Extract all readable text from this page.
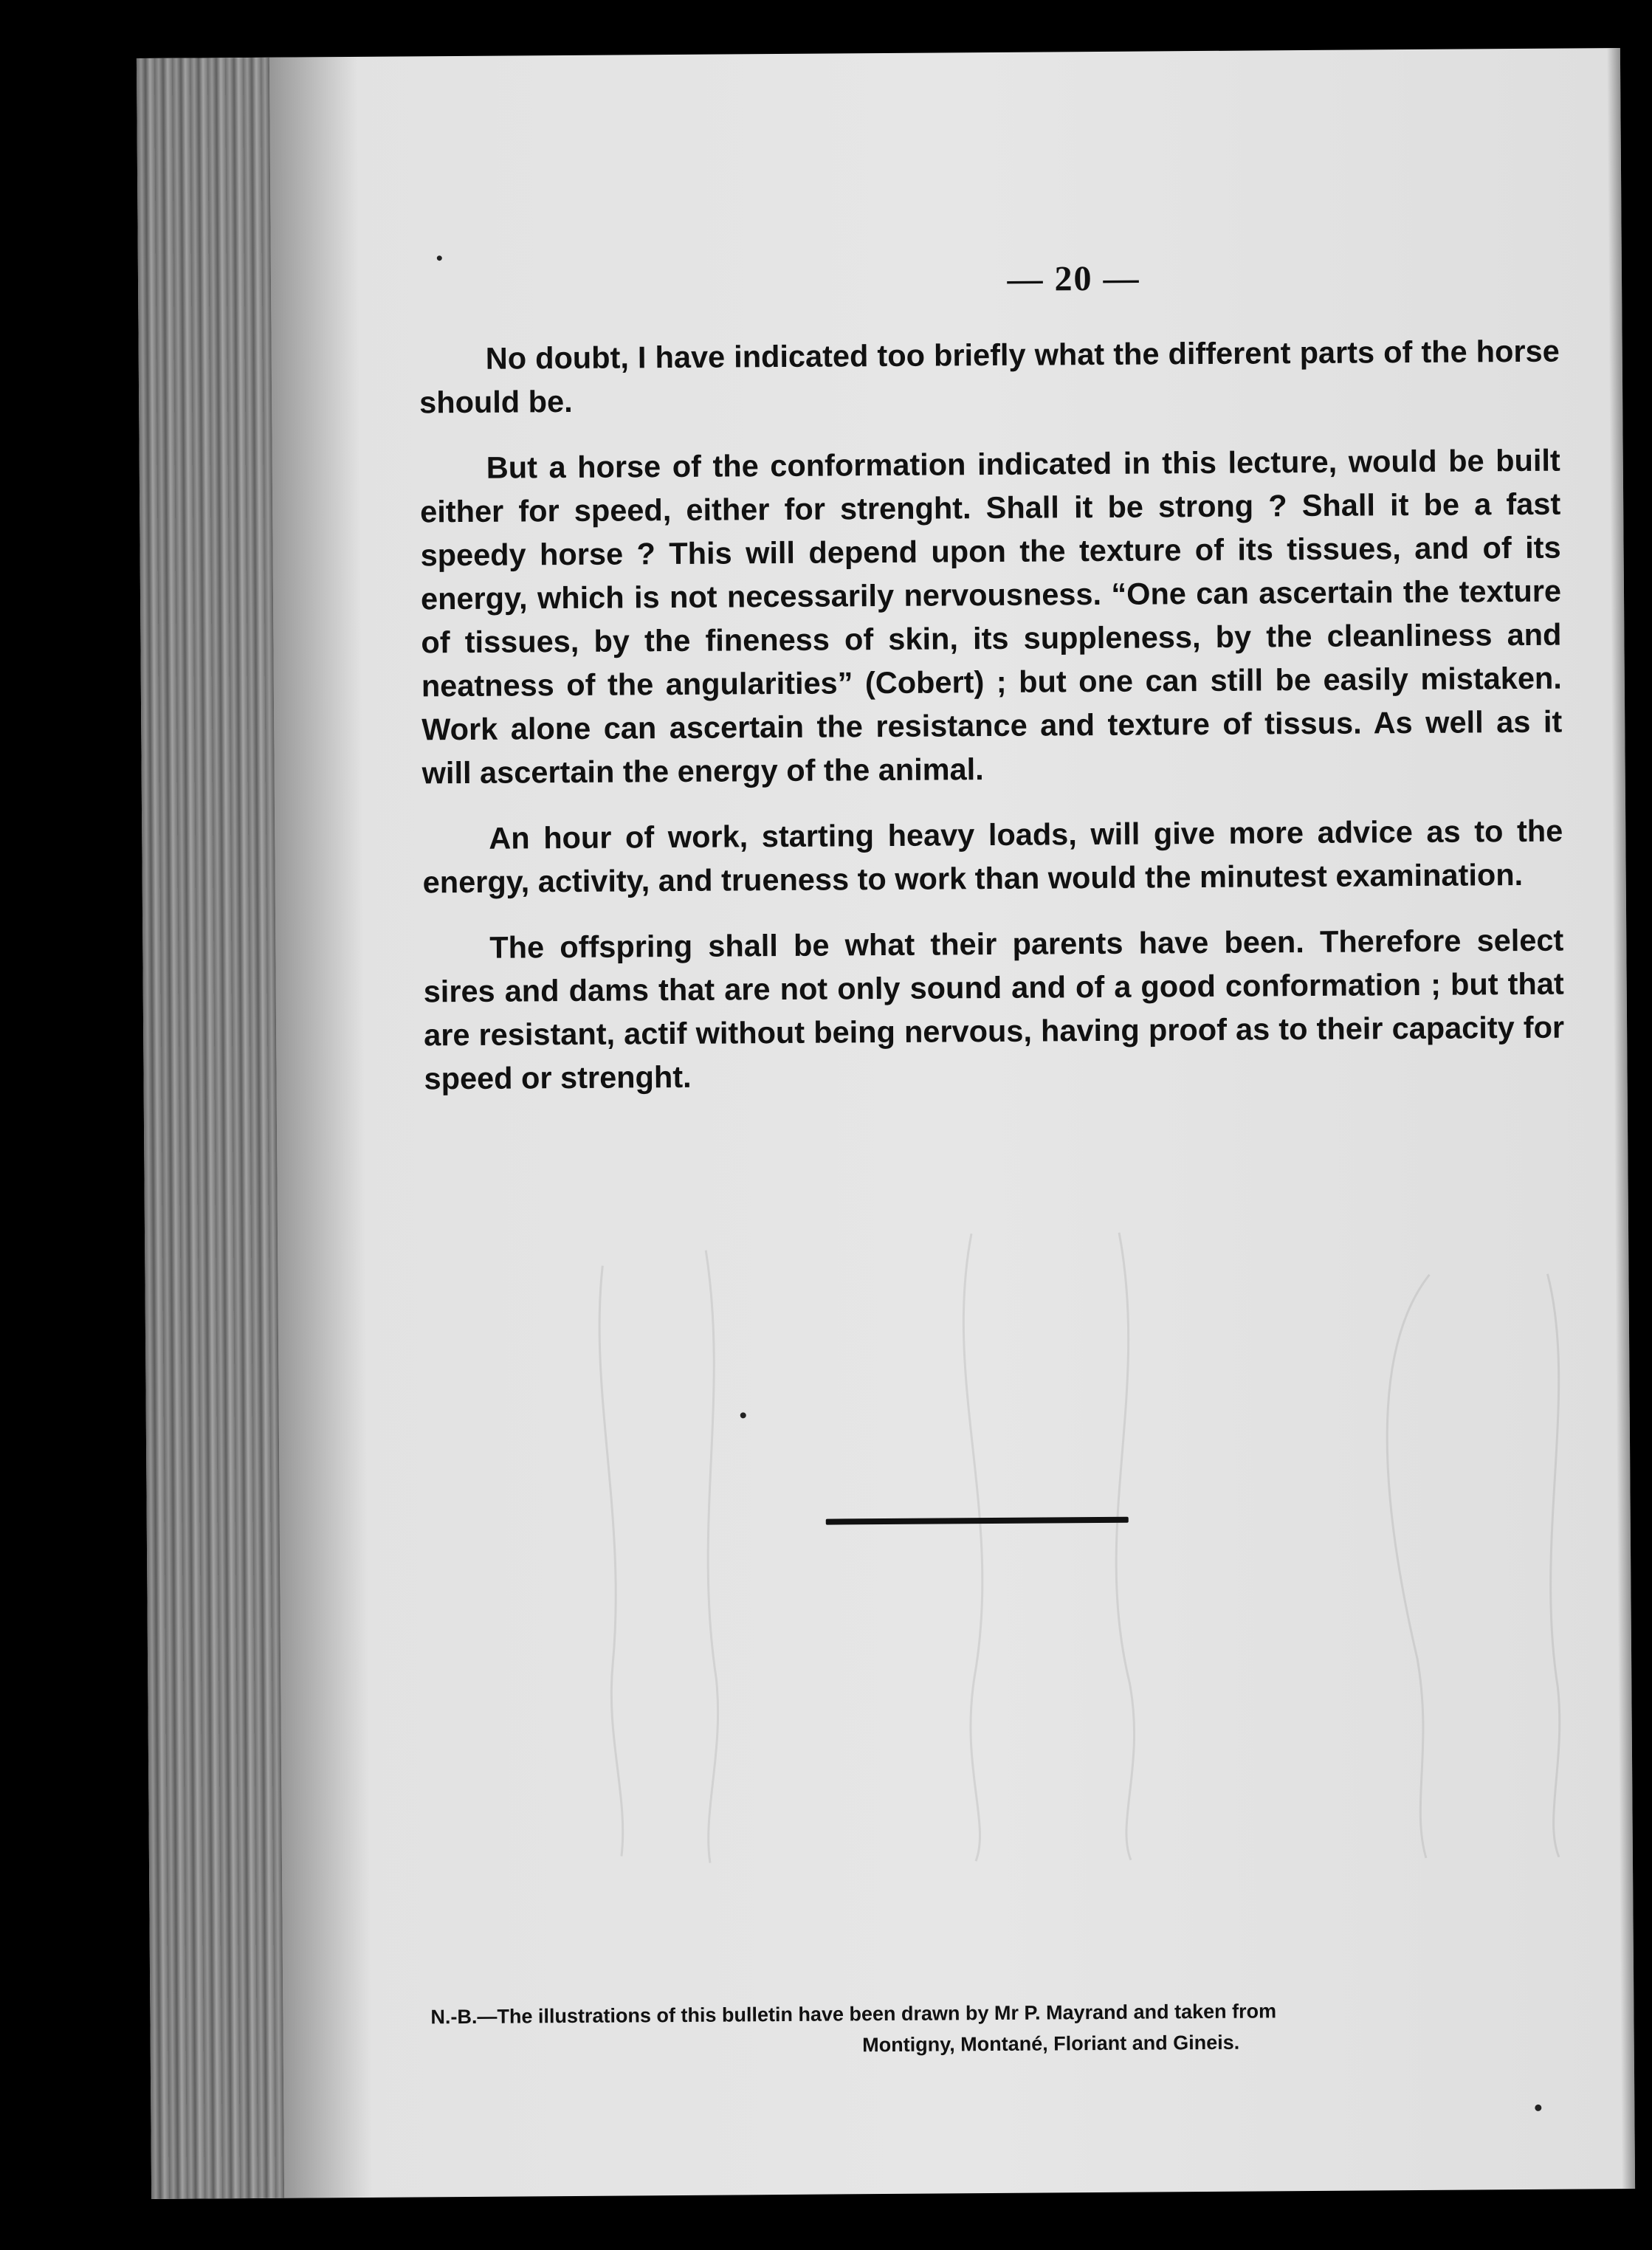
— 20 —

No doubt, I have indicated too briefly what the different parts of the horse should be.

But a horse of the conformation indicated in this lecture, would be built either for speed, either for strenght. Shall it be strong ? Shall it be a fast speedy horse ? This will depend upon the texture of its tissues, and of its energy, which is not necessarily nervousness. “One can ascertain the texture of tissues, by the fineness of skin, its suppleness, by the cleanliness and neatness of the angularities” (Cobert) ; but one can still be easily mistaken. Work alone can ascertain the resistance and texture of tissus. As well as it will ascertain the energy of the animal.

An hour of work, starting heavy loads, will give more advice as to the energy, activity, and trueness to work than would the minutest examination.

The offspring shall be what their parents have been. Therefore select sires and dams that are not only sound and of a good conformation ; but that are resistant, actif without being nervous, having proof as to their capacity for speed or strenght.

N.-B.—The illustrations of this bulletin have been drawn by Mr P. Mayrand and taken from
Montigny, Montané, Floriant and Gineis.
